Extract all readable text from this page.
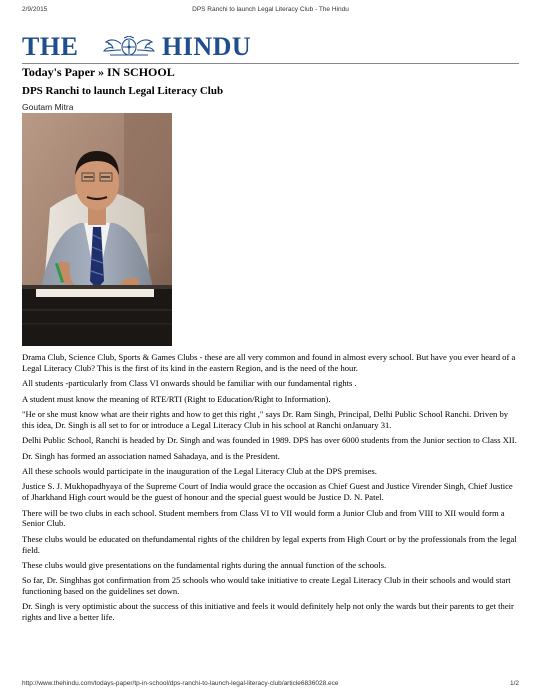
2/9/2015	DPS Ranchi to launch Legal Literacy Club - The Hindu
THE	HINDU
Today's Paper » IN SCHOOL
DPS Ranchi to launch Legal Literacy Club
Goutam Mitra

Drama Club, Science Club, Sports & Games Clubs - these are all very common and found in almost every school. But have you ever heard of a Legal Literacy Club? This is the first of its kind in the eastern Region, and is the need of the hour.

All students -particularly from Class VI onwards should be familiar with our fundamental rights .

A student must know the meaning of RTE/RTI (Right to Education/Right to Information).

"He or she must know what are their rights and how to get this right ," says Dr. Ram Singh, Principal, Delhi Public School Ranchi. Driven by this idea, Dr. Singh is all set to for or introduce a Legal Literacy Club in his school at Ranchi onJanuary 31.

Delhi Public School, Ranchi is headed by Dr. Singh and was founded in 1989. DPS has over 6000 students from the Junior section to Class XII.

Dr. Singh has formed an association named Sahadaya, and is the President.

All these schools would participate in the inauguration of the Legal Literacy Club at the DPS premises.

Justice S. J. Mukhopadhyaya of the Supreme Court of India would grace the occasion as Chief Guest and Justice Virender Singh, Chief Justice of Jharkhand High court would be the guest of honour and the special guest would be Justice D. N. Patel.

There will be two clubs in each school. Student members from Class VI to VII would form a Junior Club and from VIII to XII would form a Senior Club.

These clubs would be educated on thefundamental rights of the children by legal experts from High Court or by the professionals from the legal field.

These clubs would give presentations on the fundamental rights during the annual function of the schools.

So far, Dr. Singhhas got confirmation from 25 schools who would take initiative to create Legal Literacy Club in their schools and would start functioning based on the guidelines set down.

Dr. Singh is very optimistic about the success of this initiative and feels it would definitely help not only the wards but their parents to get their rights and live a better life.

http://www.thehindu.com/todays-paper/tp-in-school/dps-ranchi-to-launch-legal-literacy-club/article6836028.ece	1/2
